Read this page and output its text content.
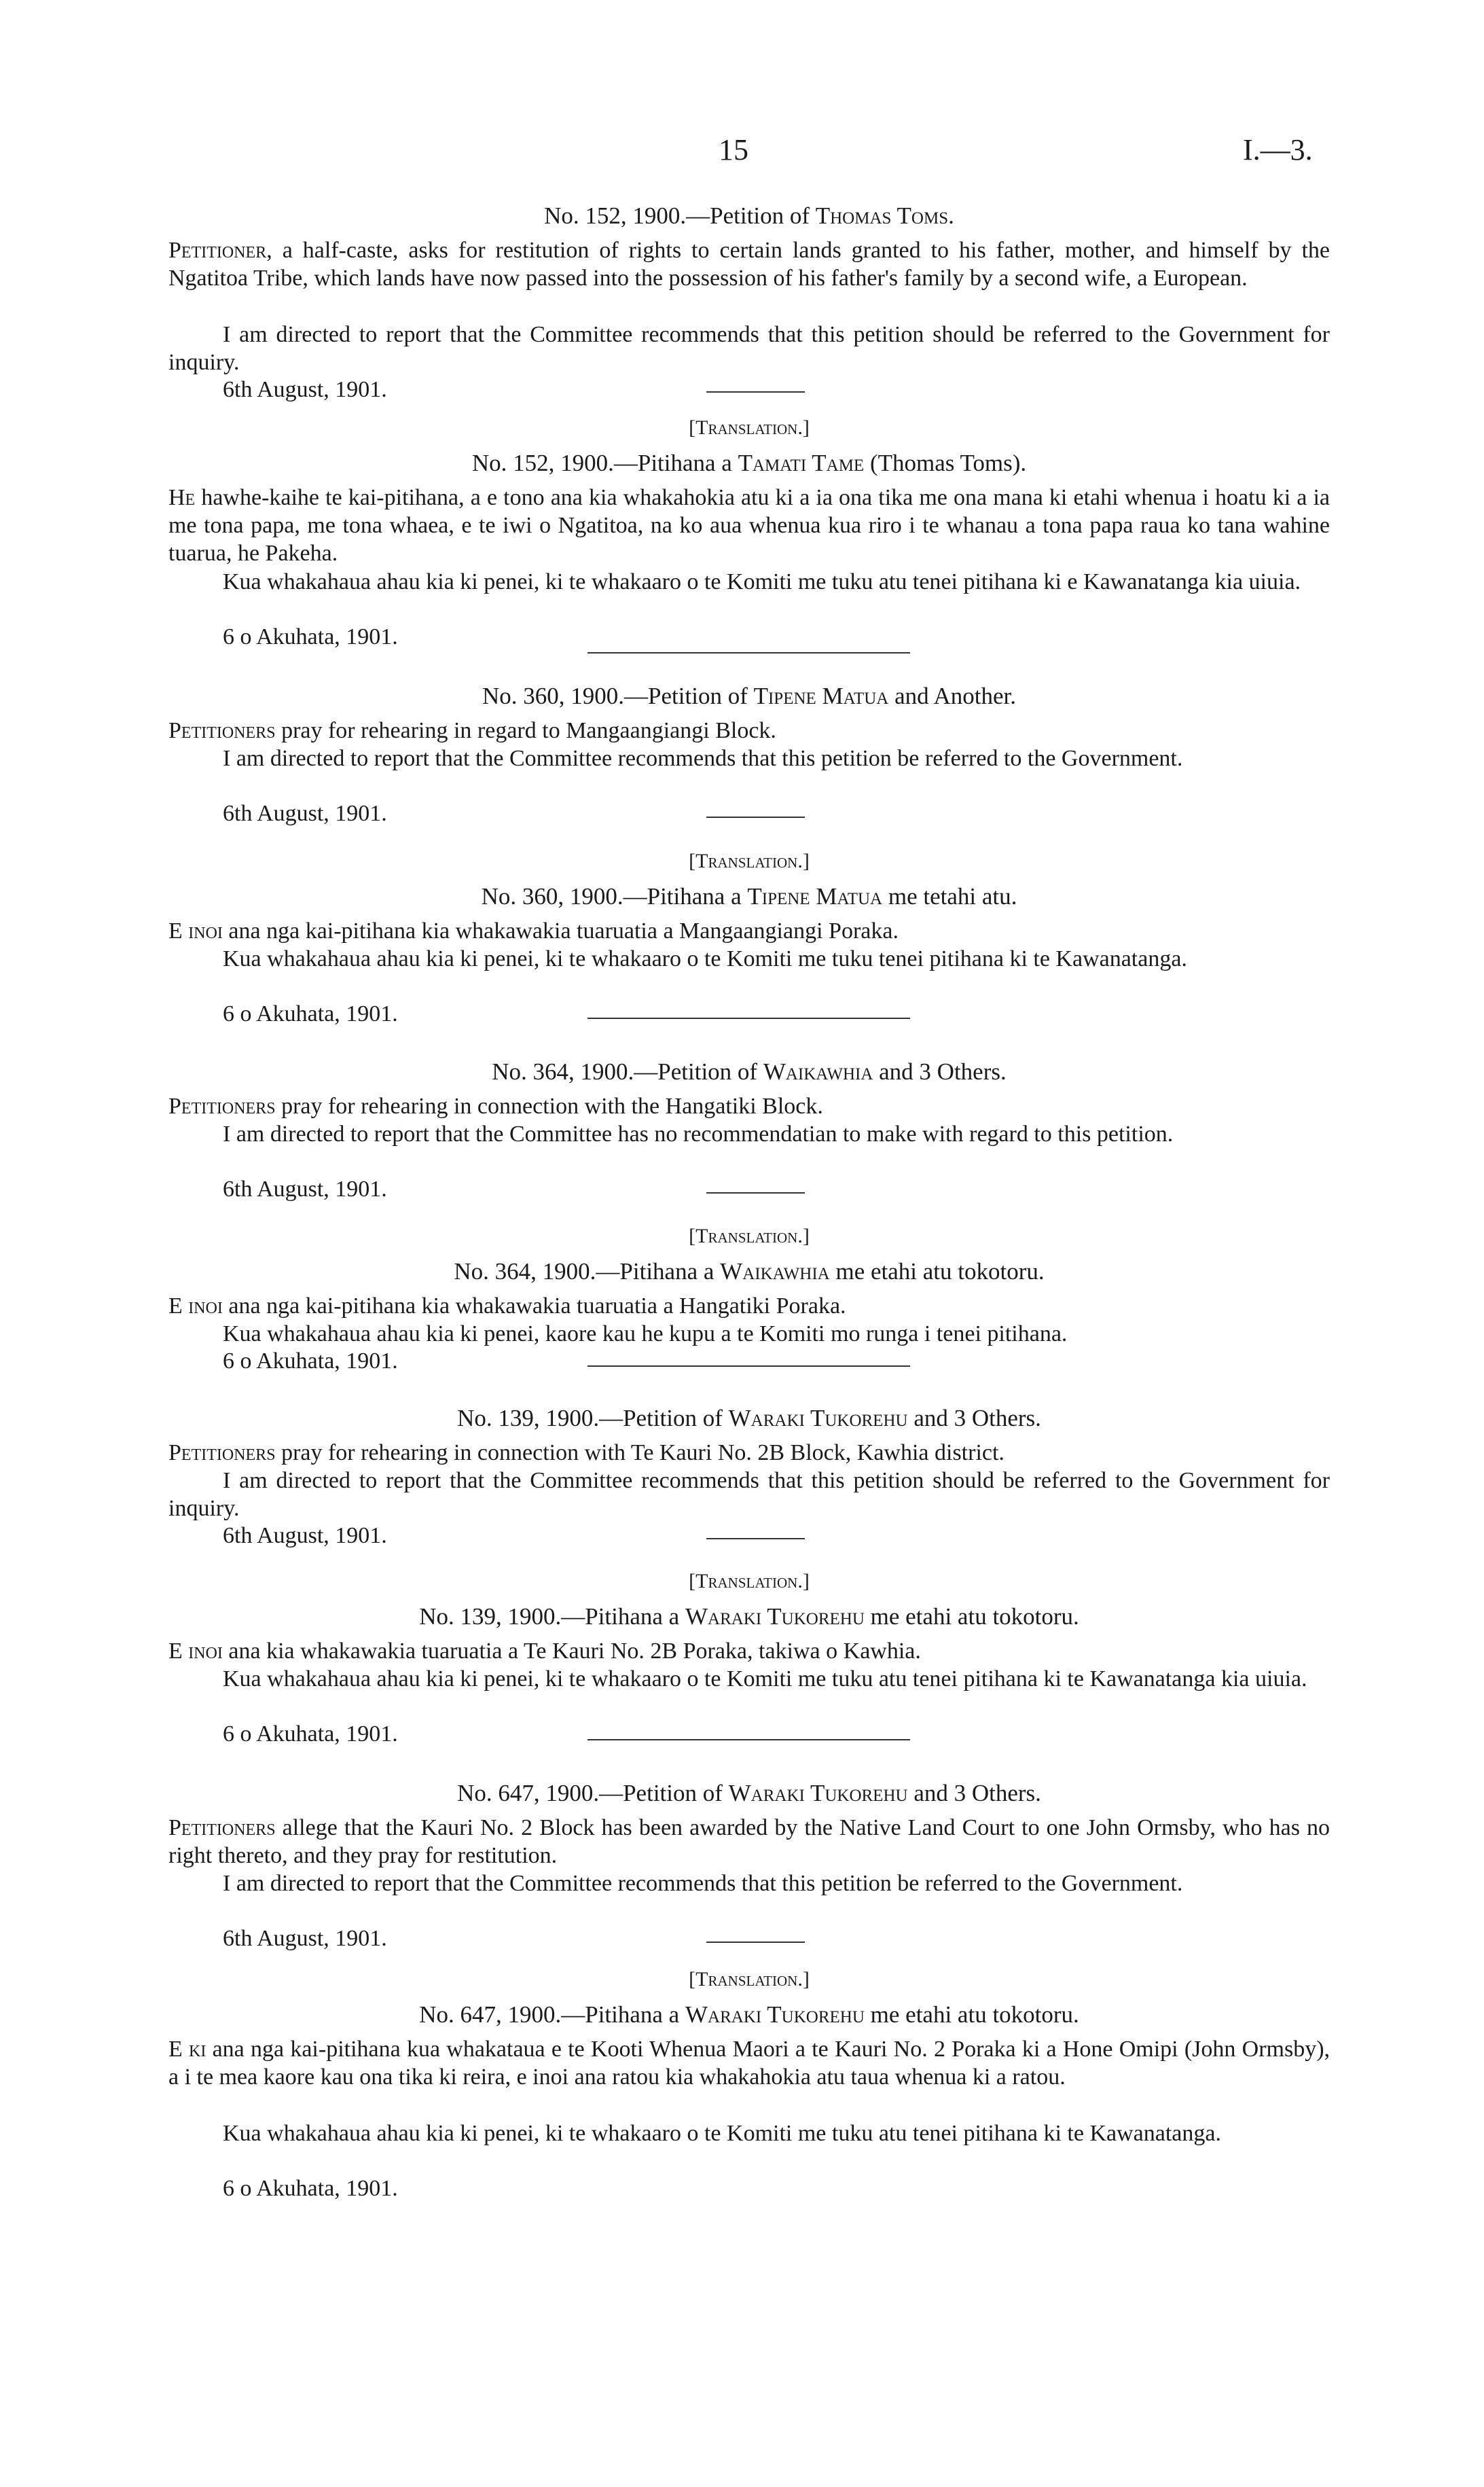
15	I.—3.
No. 152, 1900.—Petition of Thomas Toms.
Petitioner, a half-caste, asks for restitution of rights to certain lands granted to his father, mother, and himself by the Ngatitoa Tribe, which lands have now passed into the possession of his father's family by a second wife, a European.
I am directed to report that the Committee recommends that this petition should be referred to the Government for inquiry.
6th August, 1901.
[Translation.]
No. 152, 1900.—Pitihana a Tamati Tame (Thomas Toms).
He hawhe-kaihe te kai-pitihana, a e tono ana kia whakahokia atu ki a ia ona tika me ona mana ki etahi whenua i hoatu ki a ia me tona papa, me tona whaea, e te iwi o Ngatitoa, na ko aua whenua kua riro i te whanau a tona papa raua ko tana wahine tuarua, he Pakeha.
Kua whakahaua ahau kia ki penei, ki te whakaaro o te Komiti me tuku atu tenei pitihana ki e Kawanatanga kia uiuia.
6 o Akuhata, 1901.
No. 360, 1900.—Petition of Tipene Matua and Another.
Petitioners pray for rehearing in regard to Mangaangiangi Block.
I am directed to report that the Committee recommends that this petition be referred to the Government.
6th August, 1901.
[Translation.]
No. 360, 1900.—Pitihana a Tipene Matua me tetahi atu.
E inoi ana nga kai-pitihana kia whakawakia tuaruatia a Mangaangiangi Poraka.
Kua whakahaua ahau kia ki penei, ki te whakaaro o te Komiti me tuku tenei pitihana ki te Kawanatanga.
6 o Akuhata, 1901.
No. 364, 1900.—Petition of Waikawhia and 3 Others.
Petitioners pray for rehearing in connection with the Hangatiki Block.
I am directed to report that the Committee has no recommendatian to make with regard to this petition.
6th August, 1901.
[Translation.]
No. 364, 1900.—Pitihana a Waikawhia me etahi atu tokotoru.
E inoi ana nga kai-pitihana kia whakawakia tuaruatia a Hangatiki Poraka.
Kua whakahaua ahau kia ki penei, kaore kau he kupu a te Komiti mo runga i tenei pitihana.
6 o Akuhata, 1901.
No. 139, 1900.—Petition of Waraki Tukorehu and 3 Others.
Petitioners pray for rehearing in connection with Te Kauri No. 2B Block, Kawhia district.
I am directed to report that the Committee recommends that this petition should be referred to the Government for inquiry.
6th August, 1901.
[Translation.]
No. 139, 1900.—Pitihana a Waraki Tukorehu me etahi atu tokotoru.
E inoi ana kia whakawakia tuaruatia a Te Kauri No. 2B Poraka, takiwa o Kawhia.
Kua whakahaua ahau kia ki penei, ki te whakaaro o te Komiti me tuku atu tenei pitihana ki te Kawanatanga kia uiuia.
6 o Akuhata, 1901.
No. 647, 1900.—Petition of Waraki Tukorehu and 3 Others.
Petitioners allege that the Kauri No. 2 Block has been awarded by the Native Land Court to one John Ormsby, who has no right thereto, and they pray for restitution.
I am directed to report that the Committee recommends that this petition be referred to the Government.
6th August, 1901.
[Translation.]
No. 647, 1900.—Pitihana a Waraki Tukorehu me etahi atu tokotoru.
E ki ana nga kai-pitihana kua whakataua e te Kooti Whenua Maori a te Kauri No. 2 Poraka ki a Hone Omipi (John Ormsby), a i te mea kaore kau ona tika ki reira, e inoi ana ratou kia whakahokia atu taua whenua ki a ratou.
Kua whakahaua ahau kia ki penei, ki te whakaaro o te Komiti me tuku atu tenei pitihana ki te Kawanatanga.
6 o Akuhata, 1901.
